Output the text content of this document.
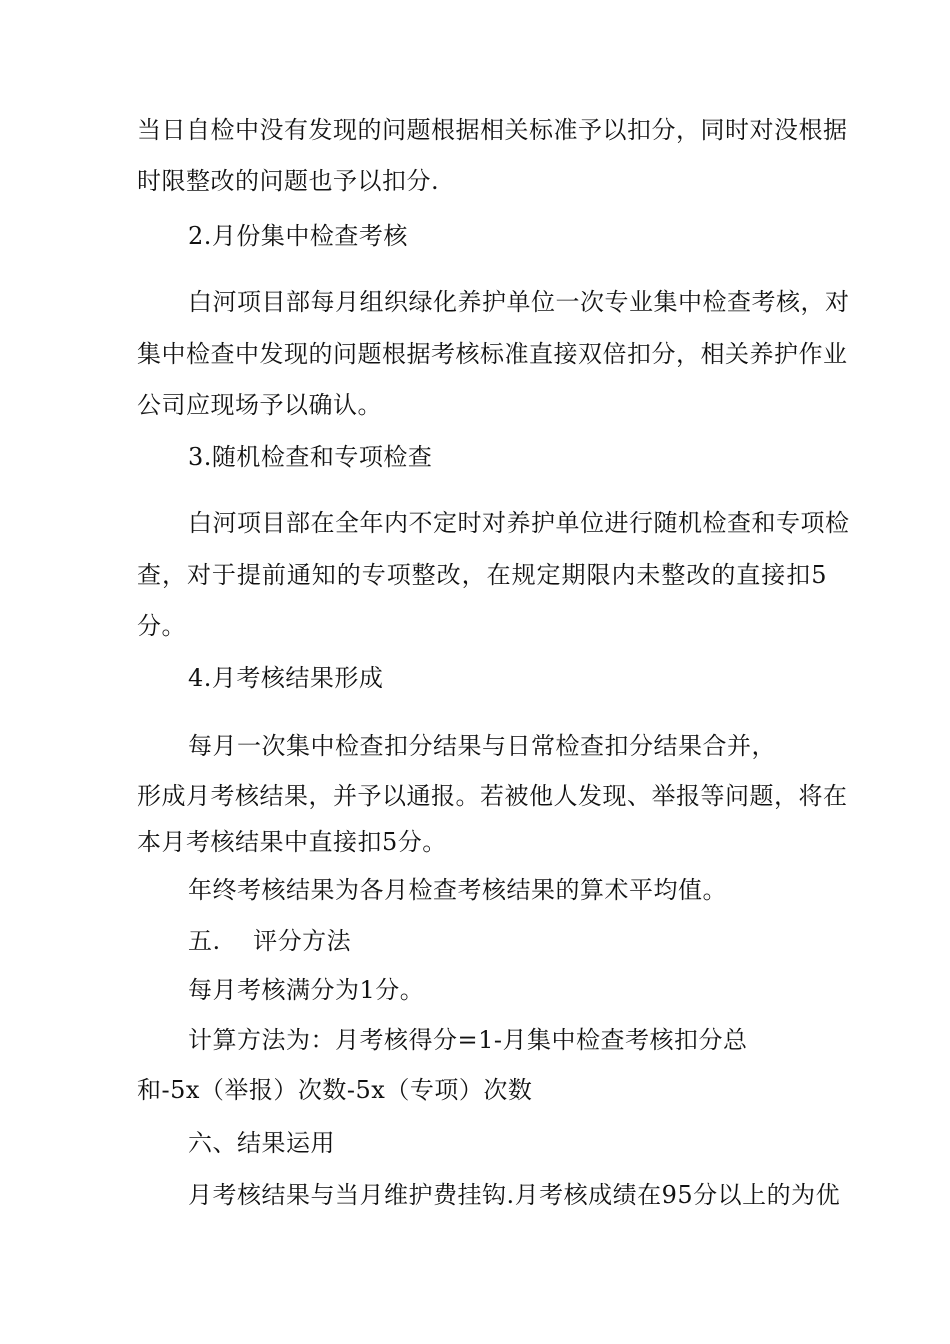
当日自检中没有发现的问题根据相关标准予以扣分，同时对没根据
时限整改的问题也予以扣分.
2.月份集中检查考核
白河项目部每月组织绿化养护单位一次专业集中检查考核，对
集中检查中发现的问题根据考核标准直接双倍扣分，相关养护作业
公司应现场予以确认。
3.随机检查和专项检查
白河项目部在全年内不定时对养护单位进行随机检查和专项检
查，对于提前通知的专项整改，在规定期限内未整改的直接扣5
分。
4.月考核结果形成
每月一次集中检查扣分结果与日常检查扣分结果合并，
形成月考核结果，并予以通报。若被他人发现、举报等问题，将在
本月考核结果中直接扣5分。
年终考核结果为各月检查考核结果的算术平均值。
五.    评分方法
每月考核满分为1分。
计算方法为：月考核得分=1-月集中检查考核扣分总
和-5x（举报）次数-5x（专项）次数
六、结果运用
月考核结果与当月维护费挂钩.月考核成绩在95分以上的为优
